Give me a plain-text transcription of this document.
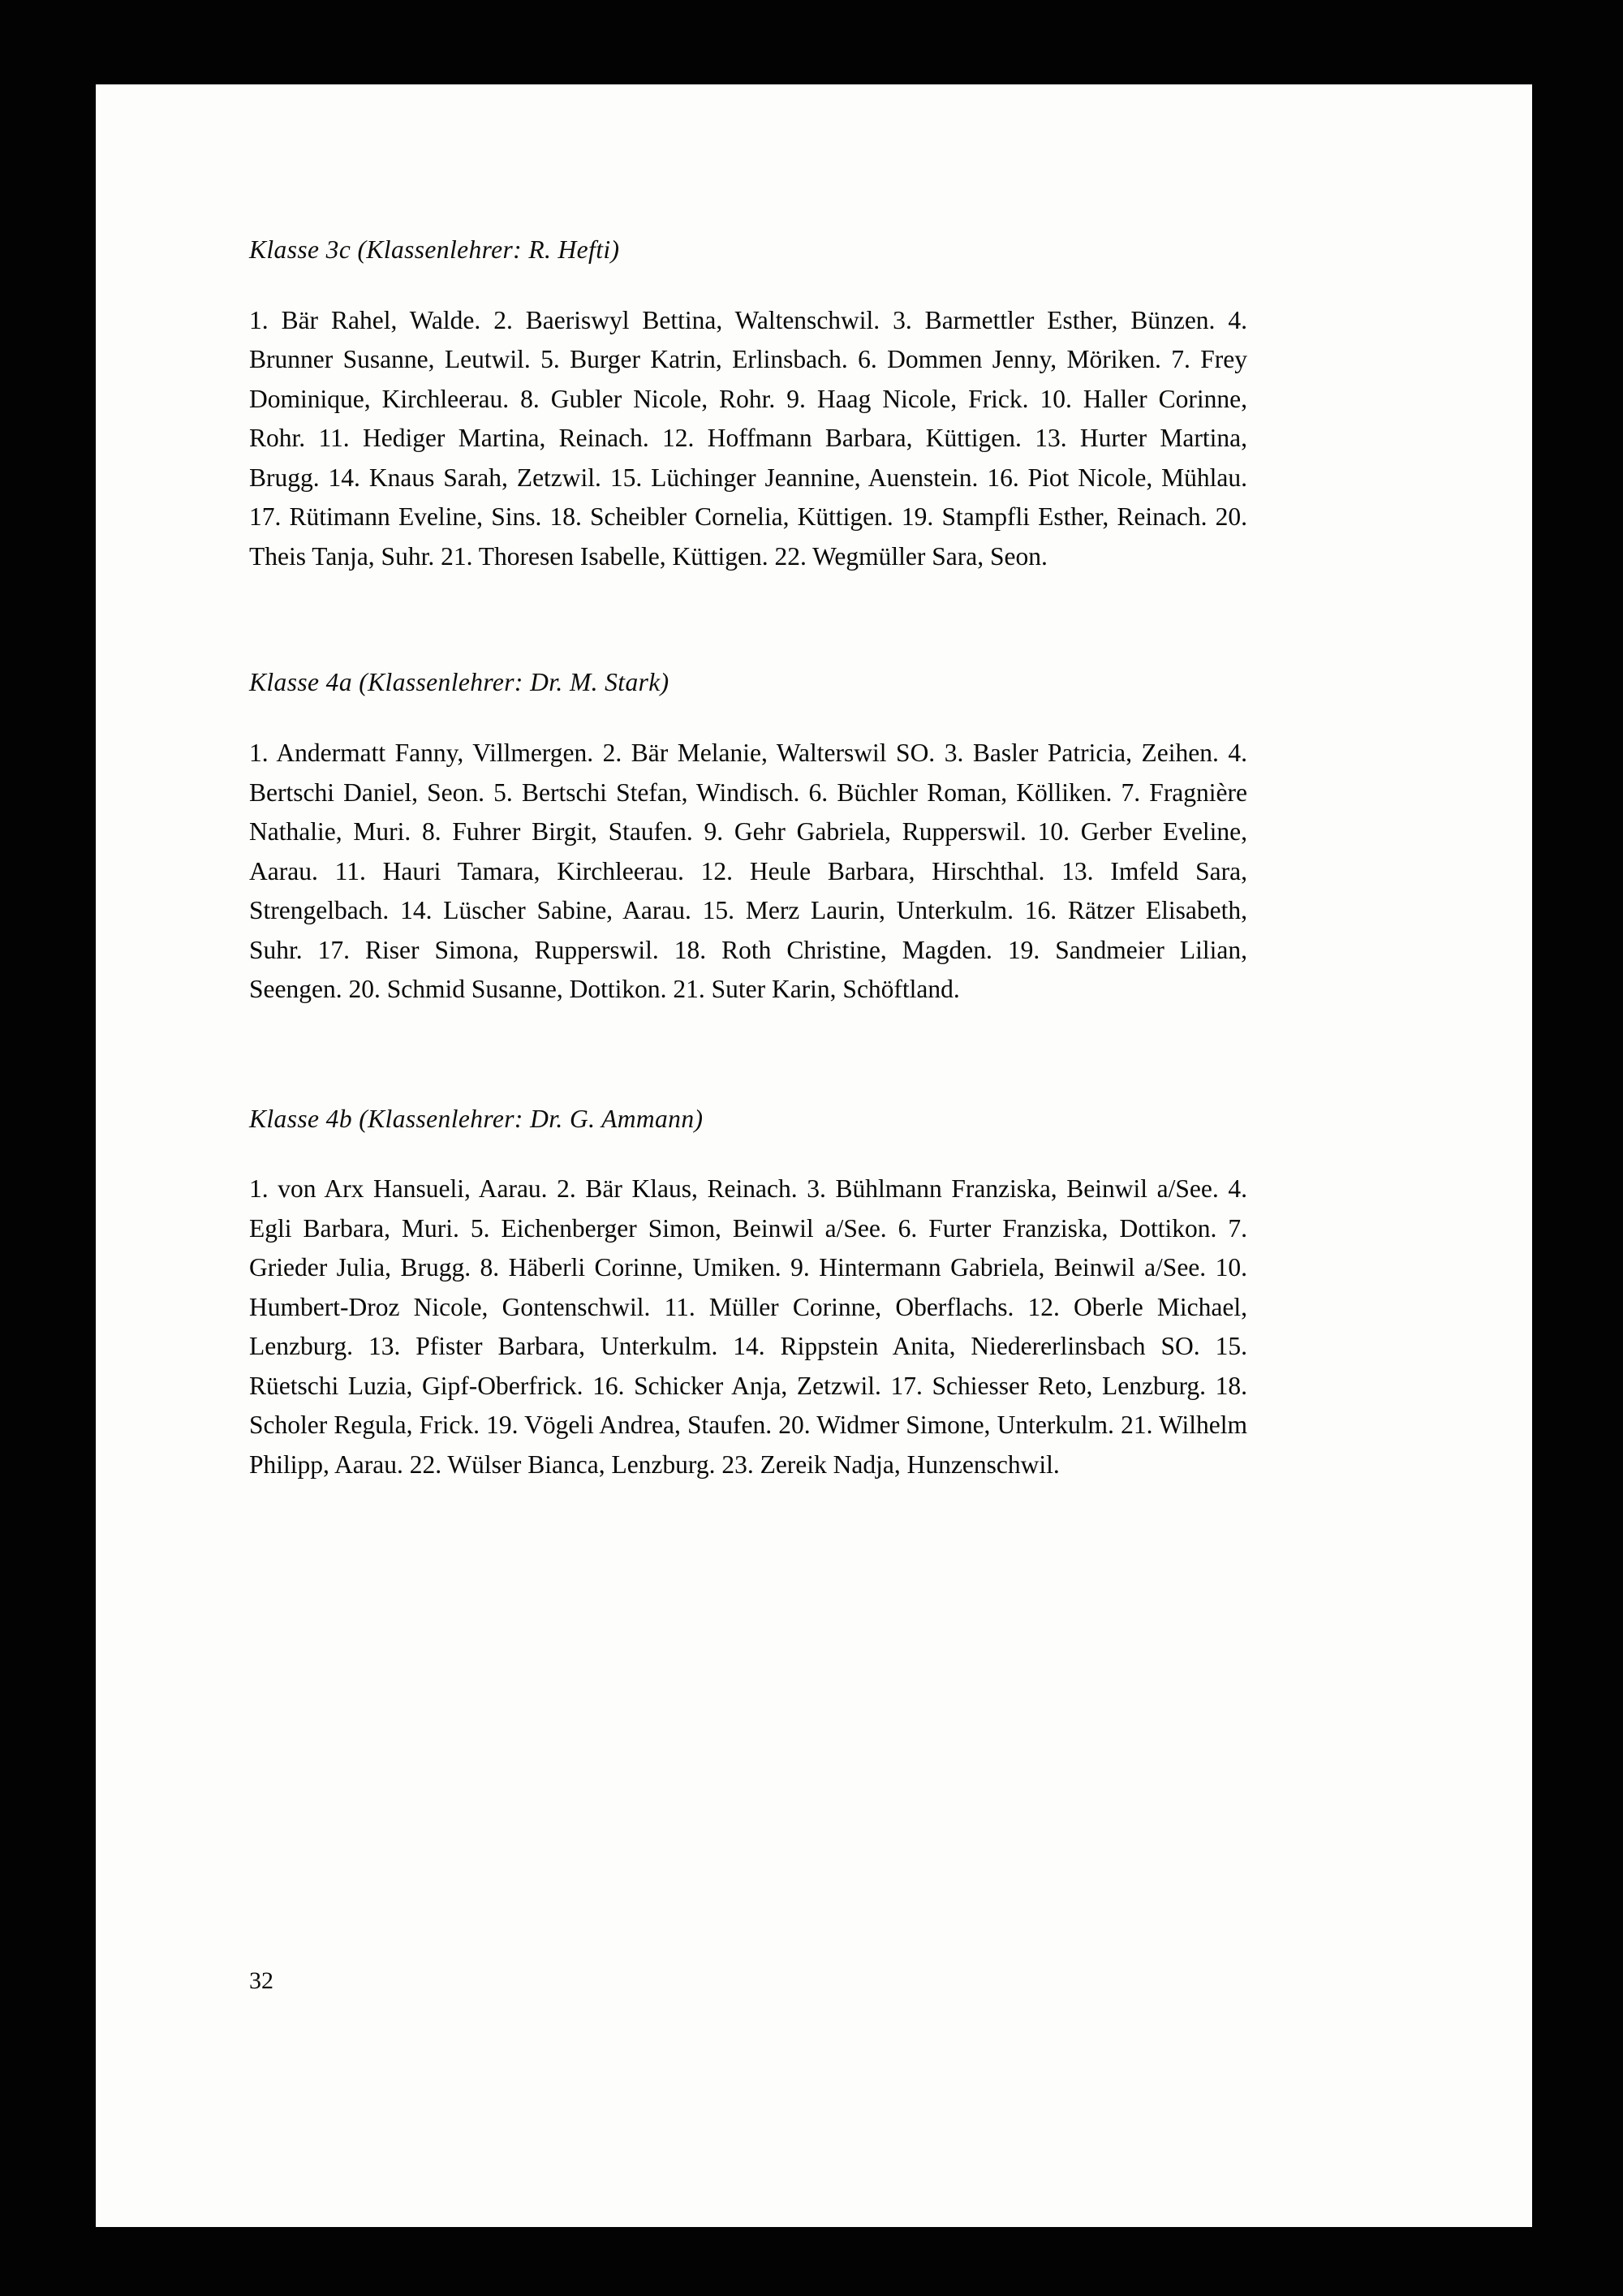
Klasse 3c (Klassenlehrer: R. Hefti)

1. Bär Rahel, Walde. 2. Baeriswyl Bettina, Waltenschwil. 3. Barmettler Esther, Bünzen. 4. Brunner Susanne, Leutwil. 5. Burger Katrin, Erlinsbach. 6. Dommen Jenny, Möriken. 7. Frey Dominique, Kirchleerau. 8. Gubler Nicole, Rohr. 9. Haag Nicole, Frick. 10. Haller Corinne, Rohr. 11. Hediger Martina, Reinach. 12. Hoffmann Barbara, Küttigen. 13. Hurter Martina, Brugg. 14. Knaus Sarah, Zetzwil. 15. Lüchinger Jeannine, Auenstein. 16. Piot Nicole, Mühlau. 17. Rütimann Eveline, Sins. 18. Scheibler Cornelia, Küttigen. 19. Stampfli Esther, Reinach. 20. Theis Tanja, Suhr. 21. Thoresen Isabelle, Küttigen. 22. Wegmüller Sara, Seon.

Klasse 4a (Klassenlehrer: Dr. M. Stark)

1. Andermatt Fanny, Villmergen. 2. Bär Melanie, Walterswil SO. 3. Basler Patricia, Zeihen. 4. Bertschi Daniel, Seon. 5. Bertschi Stefan, Windisch. 6. Büchler Roman, Kölliken. 7. Fragnière Nathalie, Muri. 8. Fuhrer Birgit, Staufen. 9. Gehr Gabriela, Rupperswil. 10. Gerber Eveline, Aarau. 11. Hauri Tamara, Kirchleerau. 12. Heule Barbara, Hirschthal. 13. Imfeld Sara, Strengelbach. 14. Lüscher Sabine, Aarau. 15. Merz Laurin, Unterkulm. 16. Rätzer Elisabeth, Suhr. 17. Riser Simona, Rupperswil. 18. Roth Christine, Magden. 19. Sandmeier Lilian, Seengen. 20. Schmid Susanne, Dottikon. 21. Suter Karin, Schöftland.

Klasse 4b (Klassenlehrer: Dr. G. Ammann)

1. von Arx Hansueli, Aarau. 2. Bär Klaus, Reinach. 3. Bühlmann Franziska, Beinwil a/See. 4. Egli Barbara, Muri. 5. Eichenberger Simon, Beinwil a/See. 6. Furter Franziska, Dottikon. 7. Grieder Julia, Brugg. 8. Häberli Corinne, Umiken. 9. Hintermann Gabriela, Beinwil a/See. 10. Humbert-Droz Nicole, Gontenschwil. 11. Müller Corinne, Oberflachs. 12. Oberle Michael, Lenzburg. 13. Pfister Barbara, Unterkulm. 14. Rippstein Anita, Niedererlinsbach SO. 15. Rüetschi Luzia, Gipf-Oberfrick. 16. Schicker Anja, Zetzwil. 17. Schiesser Reto, Lenzburg. 18. Scholer Regula, Frick. 19. Vögeli Andrea, Staufen. 20. Widmer Simone, Unterkulm. 21. Wilhelm Philipp, Aarau. 22. Wülser Bianca, Lenzburg. 23. Zereik Nadja, Hunzenschwil.

32
